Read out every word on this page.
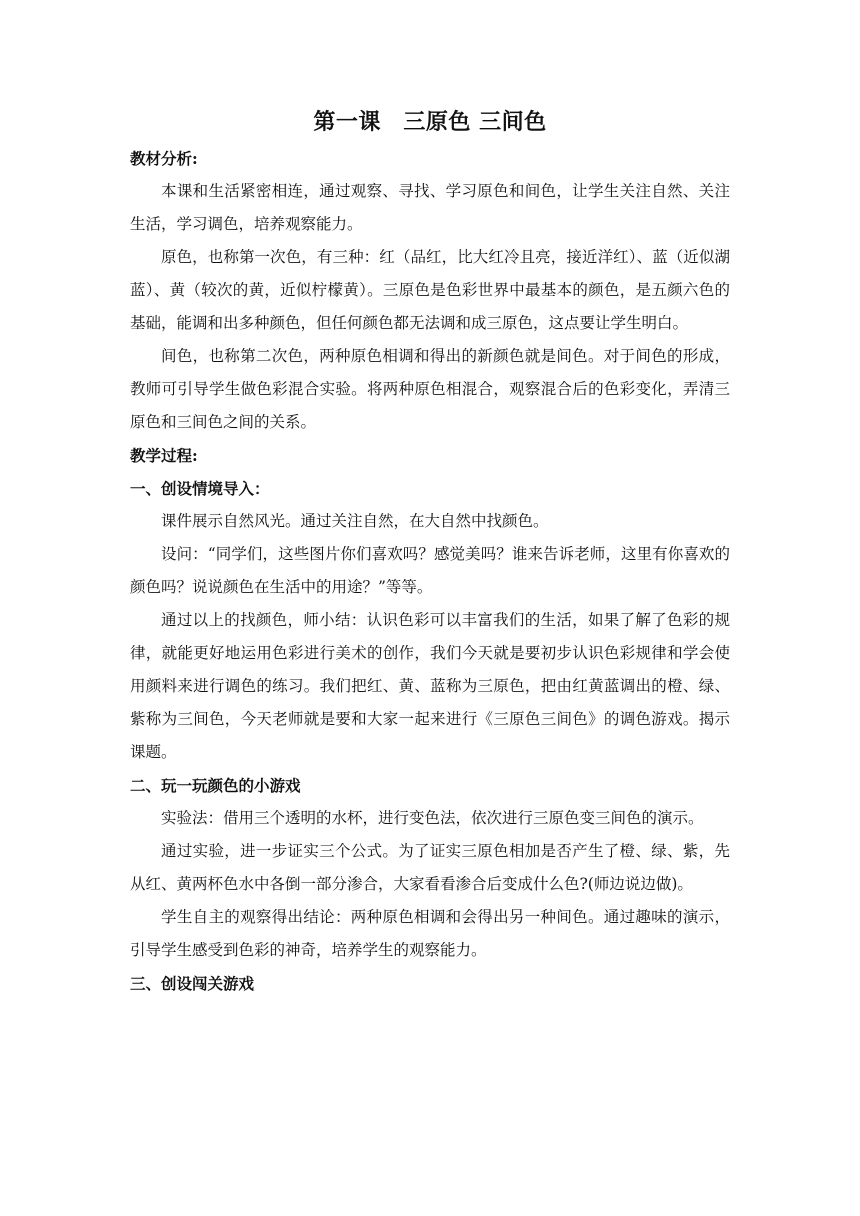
第一课　三原色 三间色

教材分析:

本课和生活紧密相连，通过观察、寻找、学习原色和间色，让学生关注自然、关注生活，学习调色，培养观察能力。

原色，也称第一次色，有三种：红（品红，比大红冷且亮，接近洋红）、蓝（近似湖蓝）、黄（较次的黄，近似柠檬黄）。三原色是色彩世界中最基本的颜色，是五颜六色的基础，能调和出多种颜色，但任何颜色都无法调和成三原色，这点要让学生明白。

间色，也称第二次色，两种原色相调和得出的新颜色就是间色。对于间色的形成，教师可引导学生做色彩混合实验。将两种原色相混合，观察混合后的色彩变化，弄清三原色和三间色之间的关系。

教学过程:

一、创设情境导入：

课件展示自然风光。通过关注自然，在大自然中找颜色。

设问：“同学们，这些图片你们喜欢吗？感觉美吗？谁来告诉老师，这里有你喜欢的颜色吗？说说颜色在生活中的用途？”等等。

通过以上的找颜色，师小结：认识色彩可以丰富我们的生活，如果了解了色彩的规律，就能更好地运用色彩进行美术的创作，我们今天就是要初步认识色彩规律和学会使用颜料来进行调色的练习。我们把红、黄、蓝称为三原色，把由红黄蓝调出的橙、绿、紫称为三间色，今天老师就是要和大家一起来进行《三原色三间色》的调色游戏。揭示课题。

二、玩一玩颜色的小游戏

实验法：借用三个透明的水杯，进行变色法，依次进行三原色变三间色的演示。

通过实验，进一步证实三个公式。为了证实三原色相加是否产生了橙、绿、紫，先从红、黄两杯色水中各倒一部分渗合，大家看看渗合后变成什么色?(师边说边做)。

学生自主的观察得出结论：两种原色相调和会得出另一种间色。通过趣味的演示，引导学生感受到色彩的神奇，培养学生的观察能力。

三、创设闯关游戏
